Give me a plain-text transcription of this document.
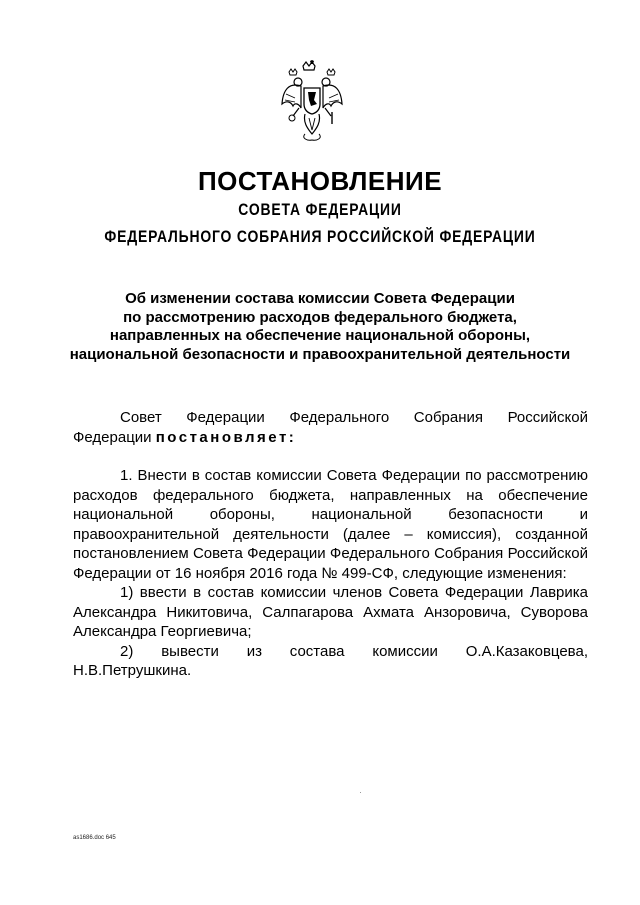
ПОСТАНОВЛЕНИЕ
СОВЕТА ФЕДЕРАЦИИ
ФЕДЕРАЛЬНОГО СОБРАНИЯ РОССИЙСКОЙ ФЕДЕРАЦИИ
Об изменении состава комиссии Совета Федерации
по рассмотрению расходов федерального бюджета,
направленных на обеспечение национальной обороны,
национальной безопасности и правоохранительной деятельности

Совет Федерации Федерального Собрания Российской Федерации постановляет:

1. Внести в состав комиссии Совета Федерации по рассмотрению расходов федерального бюджета, направленных на обеспечение национальной обороны, национальной безопасности и правоохранительной деятельности (далее – комиссия), созданной постановлением Совета Федерации Федерального Собрания Российской Федерации от 16 ноября 2016 года № 499-СФ, следующие изменения:

1) ввести в состав комиссии членов Совета Федерации Лаврика Александра Никитовича, Салпагарова Ахмата Анзоровича, Суворова Александра Георгиевича;

2) вывести из состава комиссии О.А.Казаковцева, Н.В.Петрушкина.

as1686.doc 645
